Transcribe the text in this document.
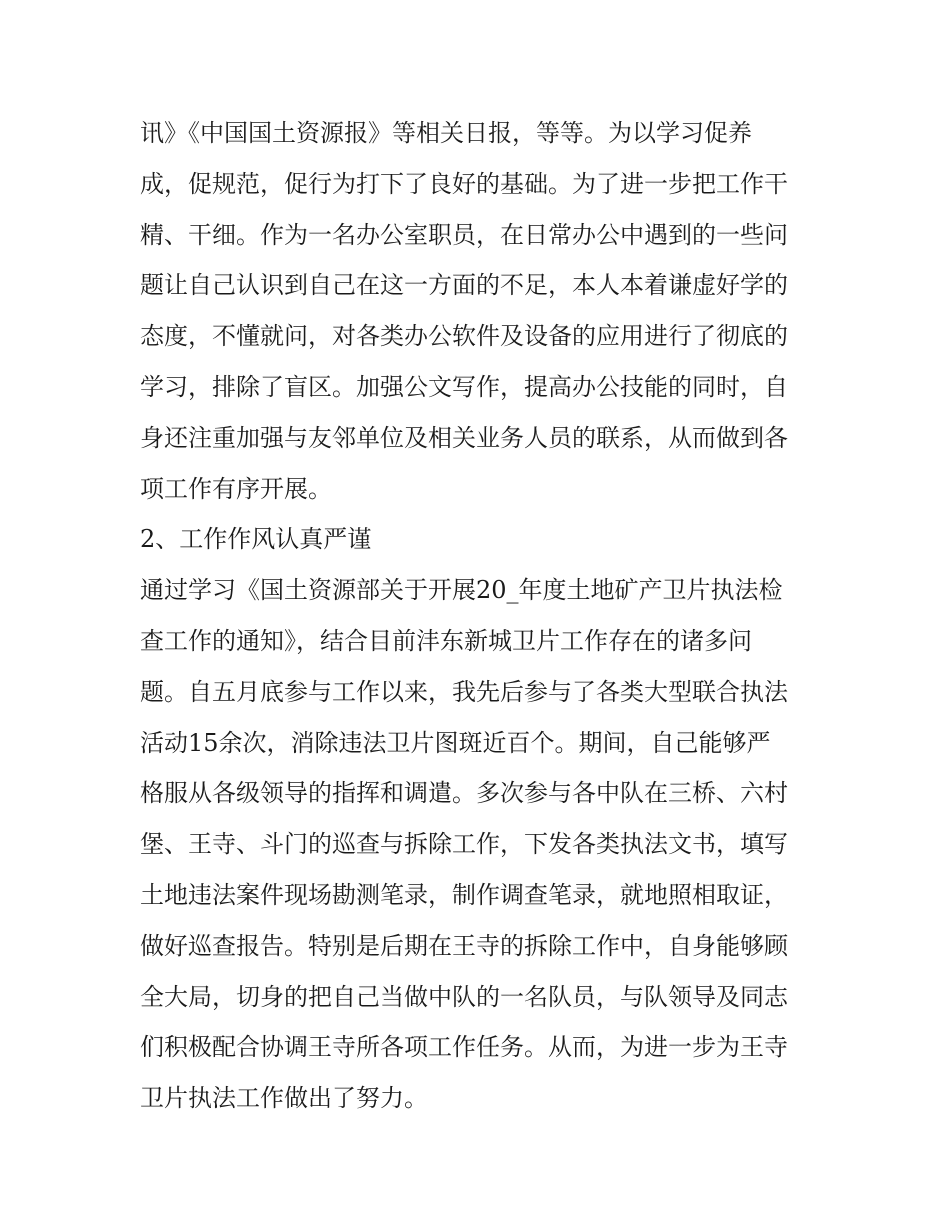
讯》《中国国土资源报》等相关日报，等等。为以学习促养
成，促规范，促行为打下了良好的基础。为了进一步把工作干
精、干细。作为一名办公室职员，在日常办公中遇到的一些问
题让自己认识到自己在这一方面的不足，本人本着谦虚好学的
态度，不懂就问，对各类办公软件及设备的应用进行了彻底的
学习，排除了盲区。加强公文写作，提高办公技能的同时，自
身还注重加强与友邻单位及相关业务人员的联系，从而做到各
项工作有序开展。
2、工作作风认真严谨
通过学习《国土资源部关于开展20_年度土地矿产卫片执法检
查工作的通知》，结合目前沣东新城卫片工作存在的诸多问
题。自五月底参与工作以来，我先后参与了各类大型联合执法
活动15余次，消除违法卫片图斑近百个。期间，自己能够严
格服从各级领导的指挥和调遣。多次参与各中队在三桥、六村
堡、王寺、斗门的巡查与拆除工作，下发各类执法文书，填写
土地违法案件现场勘测笔录，制作调查笔录，就地照相取证，
做好巡查报告。特别是后期在王寺的拆除工作中，自身能够顾
全大局，切身的把自己当做中队的一名队员，与队领导及同志
们积极配合协调王寺所各项工作任务。从而，为进一步为王寺
卫片执法工作做出了努力。
